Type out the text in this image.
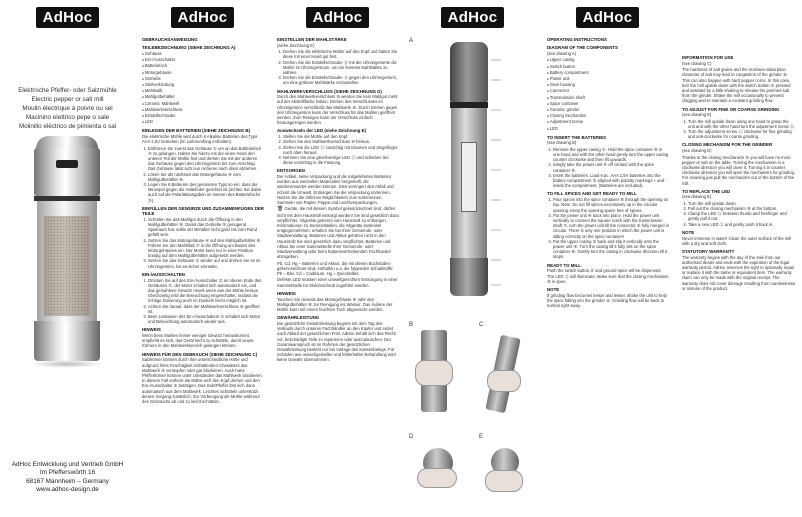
AdHoc
Elektrische Pfeffer- oder Salzmühle
Electric pepper or salt mill
Moulin électrique à poivre ou sel
Macinino elettrico pepe o sale
Molinillo eléctrico de pimienta o sal
AdHoc Entwicklung und Vertrieb GmbH
Im Pfefferswörth 16
68167 Mannheim – Germany
www.adhoc-design.de
AdHoc
GEBRAUCHSANWEISUNG
TEILEBEZEICHNUNG (SIEHE ZEICHNUNG A)
● Gehäuse
● Ein-/Ausschalter
● Batteriefach
● Motorgehäuse
● Getriebe
● Gleitverbindung
● Mahlwalb
● Mahlgutbehälter
● Ceramic Mahlwerk
● Mahlwerkverschluss
● Einstellschraube
● LED
EINLEGEN DER BATTERIEN (SIEHE ZEICHNUNG B)

Die elektrische Mühle wird durch 6 Alkaline Batterien des Typs AAA 1,5V betrieben (im Lieferumfang enthalten).

1. Entfernen Sie zuerst das Gehäuse ① um an das Batteriefach ③ zu gelangen. Halten Sie hierzu mit der einen Hand den unteren Teil der Mühle fest und drehen Sie mit der anderen das Gehäuse gegen den Uhrzeigersinn bis zum Anschlag. Das Gehäuse lässt sich nun nicheren nach oben abziehen.
2. Lösen Sie als nächstes das Motorgehäuse ④ vom Mahlgutbehälter ⑧.
3. Legen Sie 6 Batterien des genannten Typs so ein, dass der Minuspol gegen die Haltefeder gerichtet ist (achten Sie dabei auch auf die Polaritätsangaben im Inneren des Batteriefachs ③).
EINFÜLLEN DER GEWÜRZE UND ZUSAMMENFÜGEN DER TEILE
1. Schütten Sie das Mahlgut durch die Öffnung in den Mahlgutbehälter ⑧. Damit das Getriebe ⑤ genügend Spielraum hat, sollte der Behälter nicht ganz bis zum Rand gefüllt sein.
2. Setzen Sie das Motorgehäuse ④ auf den Mahlgutbehälter ⑧. Führen Sie den Mahlstab ⑦ in die Öffnung am Boden des Motorgehäuses ein. Der Motor kann nur in einer Position bündig auf dem Mahlgutbehälter aufgesetzt werden.
3. Setzen Sie das Gehäuse ① wieder auf und drehen Sie es im Uhrzeigersinn, bis es sicher einrastet.
EIN-/AUSSCHALTEN
1. Drücken Sie auf den Ein-/Ausschalter ② an oberen Ende des Gehäuses ①, der Motor schaltet sich automatisch ein, und das gemahlene Gewürz rieselt unten aus der Mühle heraus. Gleichzeitig wird die Beleuchtung eingeschaltet, sodass die richtige Dosierung auch im Dunkeln leicht möglich ist.
2. Achten Sie darauf, dass der Mahlwerkverschluss ⑩ geöffnet ist.
3. Beim Loslassen des Ein-/Ausschalters ② schaltet sich Motor und Beleuchtung automatisch wieder aus.
HINWEIS

Wenn beim Mahlen immer weniger Gewürz herauskommt, empfiehlt es sich, das Gerät leicht zu schütteln, damit neues Körnern in den Mahlwerkbereich gelangen können.

HINWEIS FÜR DEN GEBRAUCH (SIEHE ZEICHNUNG C)

Salzkörner können durch ihre unterschiedliche Härte und aufgrund ihres Feuchtigkeit enthaltenden Charakters das Mahlwerk ⑨ verstopfen oder gar blockieren. Auch harte Pfefferkörner können unter Umständen das Mahlwerk blockieren. In diesem Fall entfernt die Mühle sich den Kopf drehen und den Ein-/Ausschalter ② betätigen. Das Salz/Pfeffer löst sich dann automatisch aus dem Mahlwerk. Leichtes Schütteln unterstützt diesen Vorgang zusätzlich. Zur Vorbeugung die Mühle während des Gebrauchs ab und zu leicht schütteln.

AdHoc
EINSTELLEN DER MAHLSTÄRKE

(siehe Zeichnung E)

1. Drehen Sie die elektrische Mühle auf den Kopf und halten Sie diese mit einer Hand gut fest.
2. Drehen Sie die Einstellschraube ⑪ mit der Uhrzeigerseite die Mühle im Uhrzeigersinne, um ein feineres Mahlstärke zu wählen.
3. Drehen Sie die Einstellschraube ⑪ gegen den Uhrzeigersinn, um eine gröbere Mahlstärke einzustellen.
MAHLWERKVERSCHLUSS (SIEHE ZEICHNUNG D)

Durch den Mahlwerkverschluss ⑩ werden Sie kein Mahlgut mehr auf der Abstellfläche haben. Drehen des Verschlusses im Uhrzeigersinn verschließt das Mahlwerk ⑨. Durch Drehen gegen den Uhrzeigersinn kann der Verschluss für das Mahlen geöffnet werden. Zum Reinigen kann der Verschluss einfach herausgezogen werden.

Auswechseln der LED (siehe Zeichnung E)
1. Stellen Sie die Mühle auf den Kopf.
2. Ziehen Sie den Mahlwerkverschluss ⑩ heraus.
3. Ziehen Sie die LED ⑫ vorsichtig mit Daumen und Zeigefinger nach oben heraus.
4. Nehmen Sie eine gleichwertige LED ⑫ und schieben Sie diese vorsichtig in die Fassung.
ENTSORGEN

Der Artikel, seine Verpackung und die mitgelieferten Batterien wurden aus wertvollen Materialien hergestellt, die wiederverwertet werden können. Dies verringert den Abfall und schont die Umwelt. Entsorgen Sie die Verpackung sortenrein. Nutzen Sie die örtlichen Möglichkeiten zum sortenreinen Sammeln von Papier, Pappe und Leichtverpackungen.

🗑 Geräte, die mit diesem Symbol gekennzeichnet sind, dürfen nicht mit dem Hausmüll entsorgt werden! Sie sind gesetzlich dazu verpflichtet, Altgeräte getrennt vom Hausmüll zu entsorgen. Informationen zu Sammelstellen, die Altgeräte kostenlos entgegennehmen, erhalten Sie bei Ihrer Gemeinde- oder Stadtverwaltung. Batterien und Akkus gehören nicht in den Hausmüll! Sie sind gesetzlich dazu verpflichtet, Batterien und Akkus bei einer Sammelstelle Ihrer Gemeinde- oder Stadtverwaltung oder beim batterievertreibenden Fachhandel abzugeben.

Pb, Cd, Hg – Batterien und Akkus, die mit diesen Buchstaben gekennzeichnet sind, enthalten u.a. die folgenden Schadstoffe: Pb = Blei, Cd = Cadmium, Hg = Quecksilber.

Defekte LED müssen einer umweltgerechten Entsorgung in einer Sammelstelle für Elektroschrott zugeführt werden.

HINWEIS

Tauchen Sie niemals das Motorgehäuse ④ oder den Mahlgutbehälter ⑧ zur Reinigung ins Wasser. Das Äußere der Mühle kann mit einem feuchten Tuch abgewischt werden.

GEWÄHRLEISTUNG

Die gesetzliche Gewährleistung beginnt mit dem Tag des Verkaufs durch unseren Fachhändler an den Käufer und endet nach Ablauf der gesetzlichen Frist. AdHoc behält sich das Recht vor, beschädigte Teile zu reparieren oder auszutauschen. Der Garantieanspruch ist im Rahmen der gesetzlichen Gewährleistung besteht nur bei Vorlage des Kassenbelegs. Für Schäden aus unsachgemäßer und fehlerhafter Behandlung wird keine Gewähr übernommen.

AdHoc
A
B	C
D	E
AdHoc
OPERATING INSTRUCTIONS
DIAGRAM OF THE COMPONENTS

(see drawing A)

● Upper casing
● Switch button
● Battery compartment
● Power unit
● Gear housing
● Connector
● Transmission shaft
● Spice container
● Ceramic grinder
● Closing mechanism
● Adjustment screw
● LED
TO INSERT THE BATTERIES

(see drawing B)

1. Remove the upper casing ①. Hold the spice container ⑧ in one hand and with the other hand gently turn the upper casing counter clockwise and then lift upwards.
2. Simply take the power unit ④ off contact with the spice container ⑧.
3. Insert the batteries. Load 6 pc. AAA 1,5V batteries into the battery compartment ③ aligned with polarity markings + and - inside the compartment. (Batteries are included).
TO FILL SPICES AND GET READY TO MILL
1. Pour spices into the spice container ⑧ through the opening on top. Note: Do not fill spices excessively up in the circular opening. Keep the opening space free of spices.
2. Put the power unit ④ back into place. Hold the power unit vertically to connect the square notch with the transmission shaft ⑦, turn the power unit till the connector ⑥ fully merged in circular. There is only one position in which the power unit is sitting correctly on the spice container!
3. Put the upper casing ① back and slip it vertically onto the power unit ④. Turn the casing till it fully sits on the spice container ⑧. Gently turn the casing in clockwise direction till it stops.
READY TO MILL

Push the switch button ② and ground spice will be dispensed. The LED ⑫ will illuminate. Make sure that the closing mechanism ⑩ is open.

NOTE

If grinding flow becomes lesser and lesser, shake the unit to help the spice falling into the grinder ⑨. Grinding flow will be back to normal right away.

INFORMATION FOR USE

(see drawing C)

The hardness of salt grains and the moisture-absorption character of salt may lead to congestion of the grinder ⑨. This can also happen with hard pepper corns. In this case, turn the mill upside down with the switch button ② pressed and assisted by a little shaking to release the jammed salt from the grinder. Shake the mill occasionally to prevent clogging and to maintain a constant grinding flow.

TO ADJUST FOR FINE OR COARSE GRINDING

(see drawing E)

1. Turn the mill upside down using one hand to grasp the unit and with the other hand turn the adjustment screw ⑪.
2. Turn the adjustment screw ⑪ clockwise for fine grinding and anti-clockwise for coarse grinding.
CLOSING MECHANISM FOR THE GRINDER

(see drawing D)

Thanks to the closing mechanism ⑩ you will have no more pepper or salt on the table. Turning the mechanism in a clockwise direction you will close it. Turning it in counter clockwise direction you will open the mechanism for grinding. For cleaning just pull the mechanism out of the bottom of the mill.

TO REPLACE THE LED

(see drawing E)

1. Turn the mill upside down.
2. Pull out the closing mechanism ⑩ at the bottom.
3. Clamp the LED ⑫ between thumb and forefinger and gently pull it out.
4. Take a new LED ⑫ and gently push it back in.
NOTE

Never immerse in water! Clean the outer surface of the mill with a dry and soft cloth.

STATUTORY WARRANTY

The warranty begins with the day of the sale from our authorised dealer and ends with the expiration of the legal warranty period. AdHoc reserves the right to optionally repair or replace it with the same or equivalent item. The warranty claim can only be made with the original receipt. The warranty does not cover damage resulting from carelessness or misuse of the product.
